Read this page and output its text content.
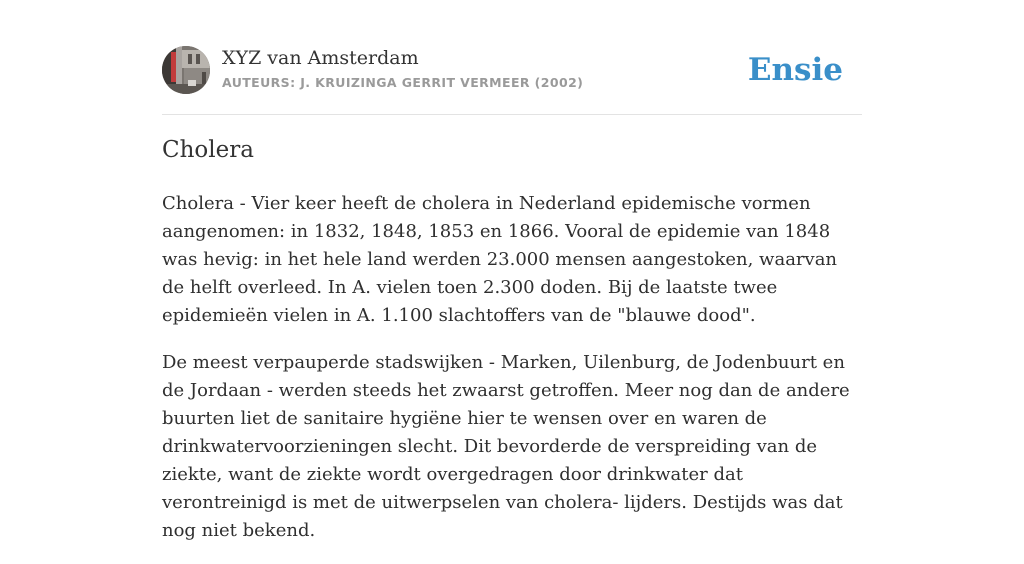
XYZ van Amsterdam
AUTEURS: J. KRUIZINGA GERRIT VERMEER (2002)	Ensie
Cholera

Cholera - Vier keer heeft de cholera in Nederland epidemische vormen aangenomen: in 1832, 1848, 1853 en 1866. Vooral de epidemie van 1848 was hevig: in het hele land werden 23.000 mensen aangestoken, waarvan de helft overleed. In A. vielen toen 2.300 doden. Bij de laatste twee epidemieën vielen in A. 1.100 slachtoffers van de "blauwe dood".

De meest verpauperde stadswijken - Marken, Uilenburg, de Jodenbuurt en de Jordaan - werden steeds het zwaarst getroffen. Meer nog dan de andere buurten liet de sanitaire hygiëne hier te wensen over en waren de drinkwatervoorzieningen slecht. Dit bevorderde de verspreiding van de ziekte, want de ziekte wordt overgedragen door drinkwater dat verontreinigd is met de uitwerpselen van cholera- lijders. Destijds was dat nog niet bekend.
